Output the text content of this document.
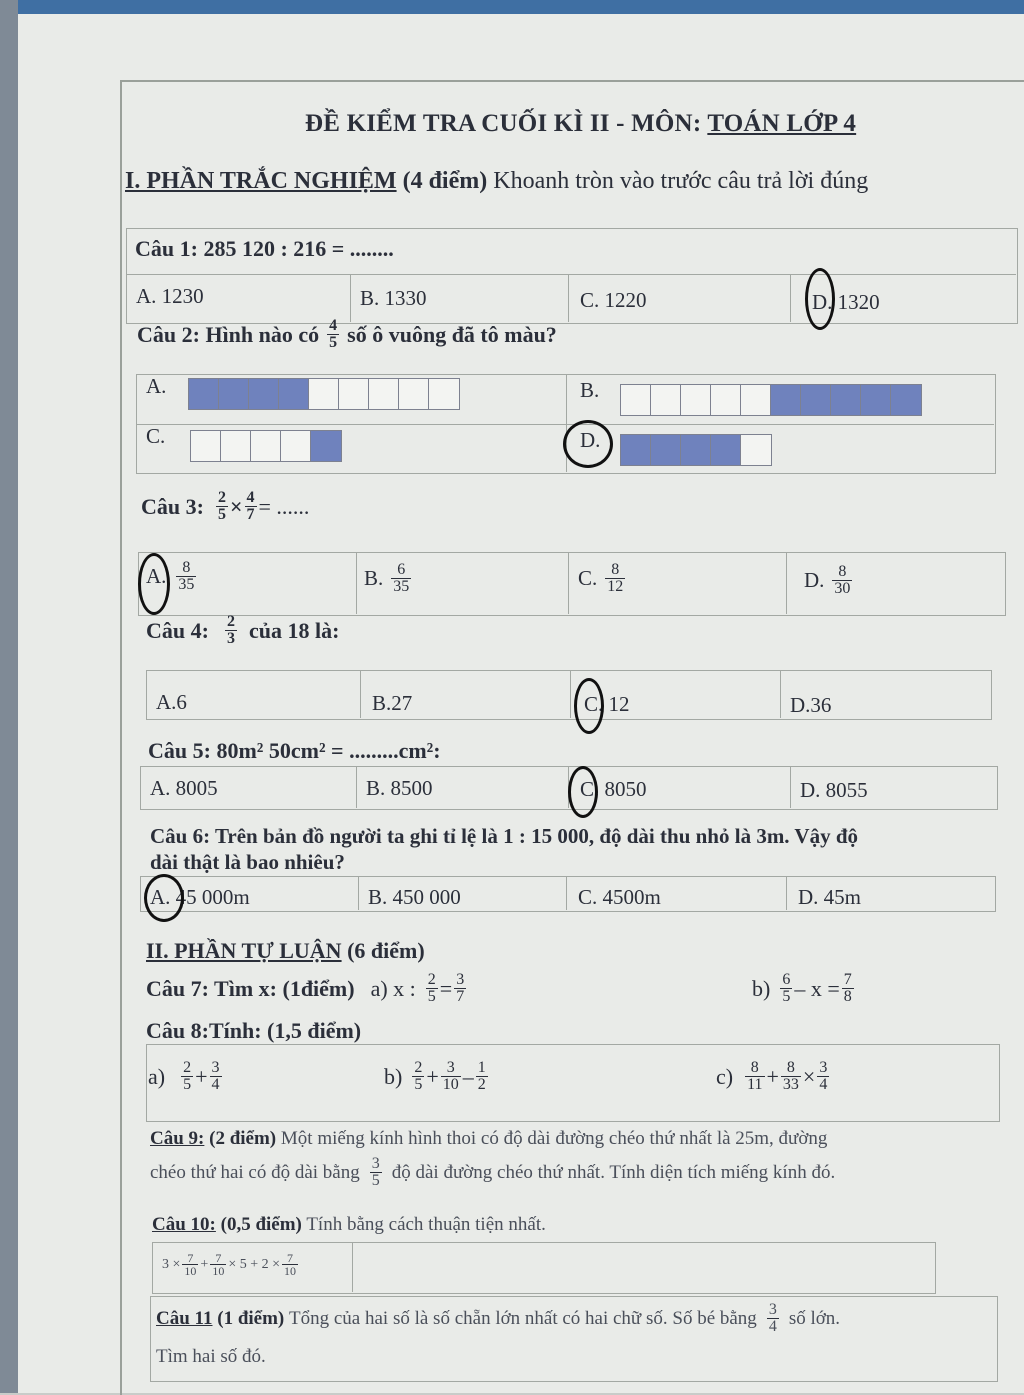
ĐỀ KIỂM TRA CUỐI KÌ II - MÔN: TOÁN LỚP 4
I. PHẦN TRẮC NGHIỆM (4 điểm) Khoanh tròn vào trước câu trả lời đúng
Câu 1: 285 120 : 216 = ........
A. 1230	B. 1330	C. 1220	D. 1320
Câu 2: Hình nào có $\frac{4}{5}$ số ô vuông đã tô màu?
A.	B.
C.	D.
Câu 3: $\frac{2}{5} \times \frac{4}{7}$ = ......
A. $\frac{8}{35}$	B. $\frac{6}{35}$	C. $\frac{8}{12}$	D. $\frac{8}{30}$
Câu 4: $\frac{2}{3}$ của 18 là:
A.6	B.27	C. 12	D.36
Câu 5: 80m² 50cm² = .........cm²:
A. 8005	B. 8500	C. 8050	D. 8055
Câu 6: Trên bản đồ người ta ghi tỉ lệ là 1 : 15 000, độ dài thu nhỏ là 3m. Vậy độ
dài thật là bao nhiêu?
A. 45 000m	B. 450 000	C. 4500m	D. 45m
II. PHẦN TỰ LUẬN (6 điểm)
Câu 7: Tìm x: (1điểm) a) x : $\frac{2}{5} = \frac{3}{7}$	$b) \frac{6}{5} - x = \frac{7}{8}$
Câu 8:Tính: (1,5 điểm)
$a) \frac{2}{5} + \frac{3}{4}$	$b) \frac{2}{5} + \frac{3}{10} - \frac{1}{2}$	$c) \frac{8}{11} + \frac{8}{33} \times \frac{3}{4}$
Câu 9: (2 điểm) Một miếng kính hình thoi có độ dài đường chéo thứ nhất là 25m, đường
chéo thứ hai có độ dài bằng $\frac{3}{5}$ độ dài đường chéo thứ nhất. Tính diện tích miếng kính đó.
Câu 10: (0,5 điểm) Tính bằng cách thuận tiện nhất.
$3 \times \frac{7}{10} + \frac{7}{10} \times 5 + 2 \times \frac{7}{10}$
Câu 11
(1 điểm)
Tổng của hai số là số chẵn lớn nhất có hai chữ số. Số bé bằng $\frac{3}{4}$ số lớn.
Tìm hai số đó.
